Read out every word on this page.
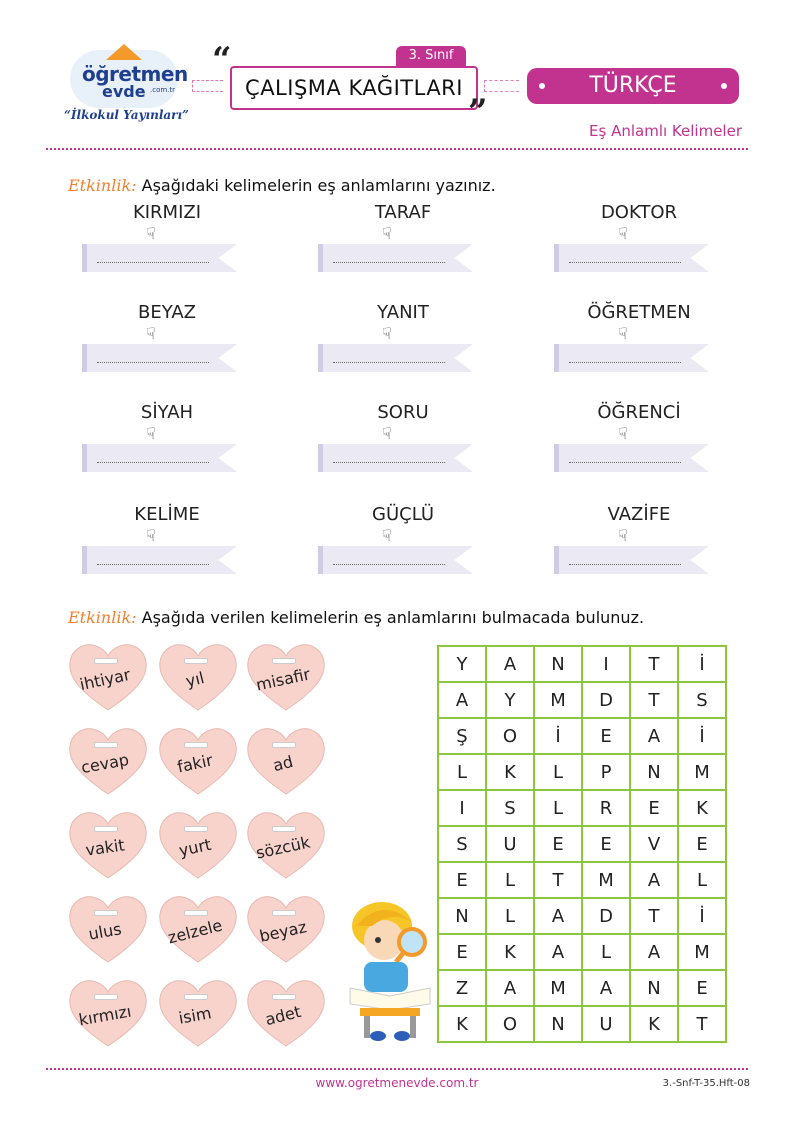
öğretmen
evde .com.tr
“İlkokul Yayınları”
“
ÇALIŞMA KAĞITLARI
3. Sınıf
”
TÜRKÇE
Eş Anlamlı Kelimeler
Etkinlik: Aşağıdaki kelimelerin eş anlamlarını yazınız.
KIRMIZI
☟
TARAF
☟
DOKTOR
☟
BEYAZ
☟
YANIT
☟
ÖĞRETMEN
☟
SİYAH
☟
SORU
☟
ÖĞRENCİ
☟
KELİME
☟
GÜÇLÜ
☟
VAZİFE
☟
Etkinlik: Aşağıda verilen kelimelerin eş anlamlarını bulmacada bulunuz.
ihtiyar	yıl	misafir
cevap	fakir	ad
vakit	yurt	sözcük
ulus	zelzele	beyaz
kırmızı	isim	adet
Y	A	N	I	T	İ
A	Y	M	D	T	S
Ş	O	İ	E	A	İ
L	K	L	P	N	M
I	S	L	R	E	K
S	U	E	E	V	E
E	L	T	M	A	L
N	L	A	D	T	İ
E	K	A	L	A	M
Z	A	M	A	N	E
K	O	N	U	K	T
www.ogretmenevde.com.tr	3.-Snf-T-35.Hft-08
